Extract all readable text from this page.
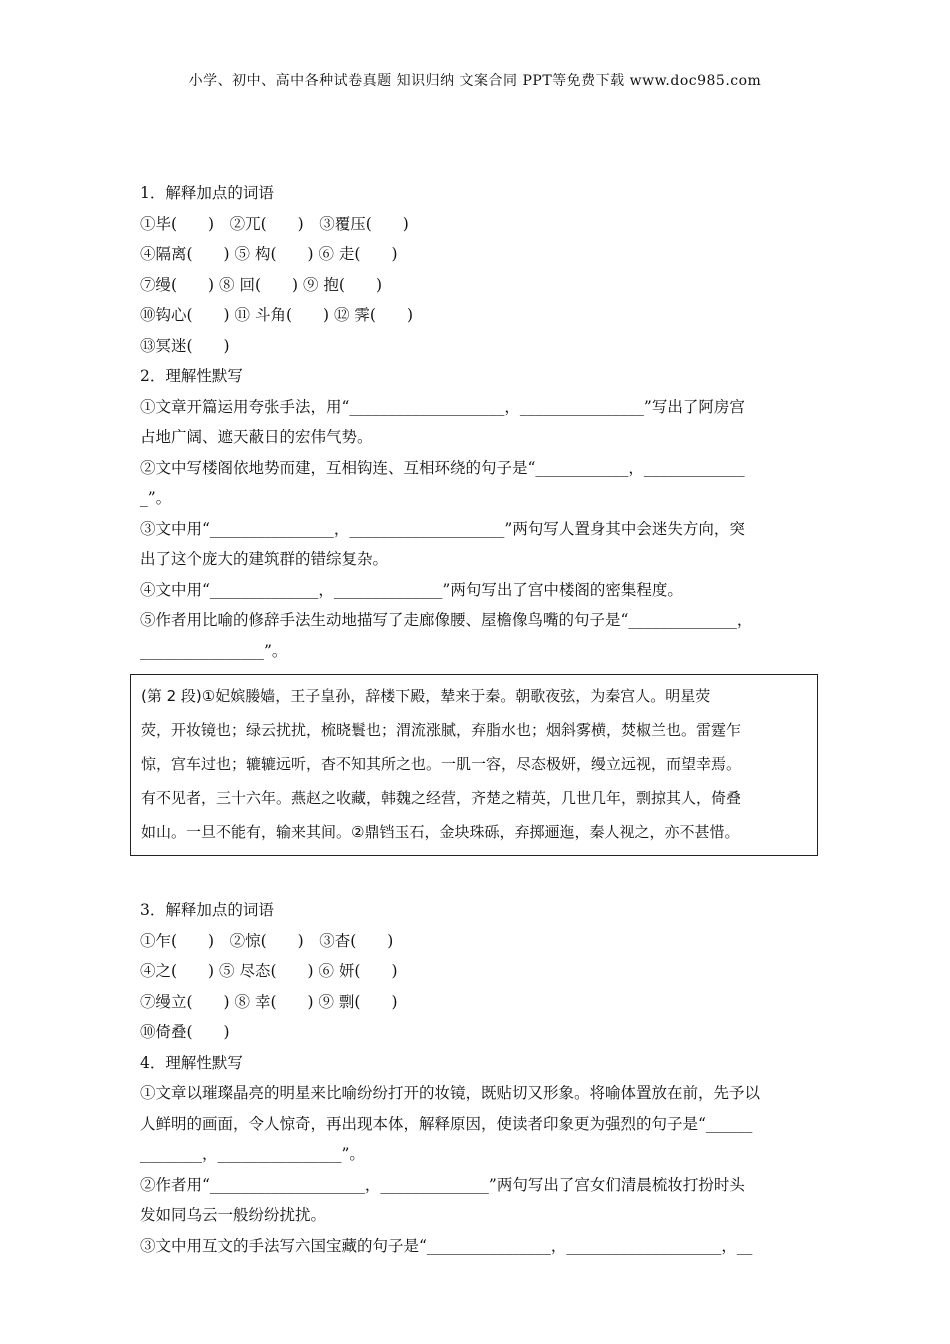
小学、初中、高中各种试卷真题 知识归纳 文案合同 PPT等免费下载 www.doc985.com
1．解释加点的词语
①毕(　　)　②兀(　　)　③覆压(　　)
④隔离(　　) ⑤ 构(　　) ⑥ 走(　　)
⑦缦(　　) ⑧ 回(　　) ⑨ 抱(　　)
⑩钩心(　　) ⑪ 斗角(　　) ⑫ 霁(　　)
⑬冥迷(　　)
2．理解性默写
①文章开篇运用夸张手法，用“____________________，________________”写出了阿房宫
占地广阔、遮天蔽日的宏伟气势。
②文中写楼阁依地势而建，互相钩连、互相环绕的句子是“____________，_____________
_”。
③文中用“________________，____________________”两句写人置身其中会迷失方向，突
出了这个庞大的建筑群的错综复杂。
④文中用“______________，______________”两句写出了宫中楼阁的密集程度。
⑤作者用比喻的修辞手法生动地描写了走廊像腰、屋檐像鸟嘴的句子是“______________，
________________”。
(第 2 段)①妃嫔媵嫱，王子皇孙，辞楼下殿，辇来于秦。朝歌夜弦，为秦宫人。明星荧
荧，开妆镜也；绿云扰扰，梳晓鬟也；渭流涨腻，弃脂水也；烟斜雾横，焚椒兰也。雷霆乍
惊，宫车过也；辘辘远听，杳不知其所之也。一肌一容，尽态极妍，缦立远视，而望幸焉。
有不见者，三十六年。燕赵之收藏，韩魏之经营，齐楚之精英，几世几年，剽掠其人，倚叠
如山。一旦不能有，输来其间。②鼎铛玉石，金块珠砾，弃掷逦迤，秦人视之，亦不甚惜。
3．解释加点的词语
①乍(　　)　②惊(　　)　③杳(　　)
④之(　　) ⑤ 尽态(　　) ⑥ 妍(　　)
⑦缦立(　　) ⑧ 幸(　　) ⑨ 剽(　　)
⑩倚叠(　　)
4．理解性默写
①文章以璀璨晶亮的明星来比喻纷纷打开的妆镜，既贴切又形象。将喻体置放在前，先予以
人鲜明的画面，令人惊奇，再出现本体，解释原因，使读者印象更为强烈的句子是“______
________，________________”。
②作者用“____________________，______________”两句写出了宫女们清晨梳妆打扮时头
发如同乌云一般纷纷扰扰。
③文中用互文的手法写六国宝藏的句子是“________________，____________________，__
